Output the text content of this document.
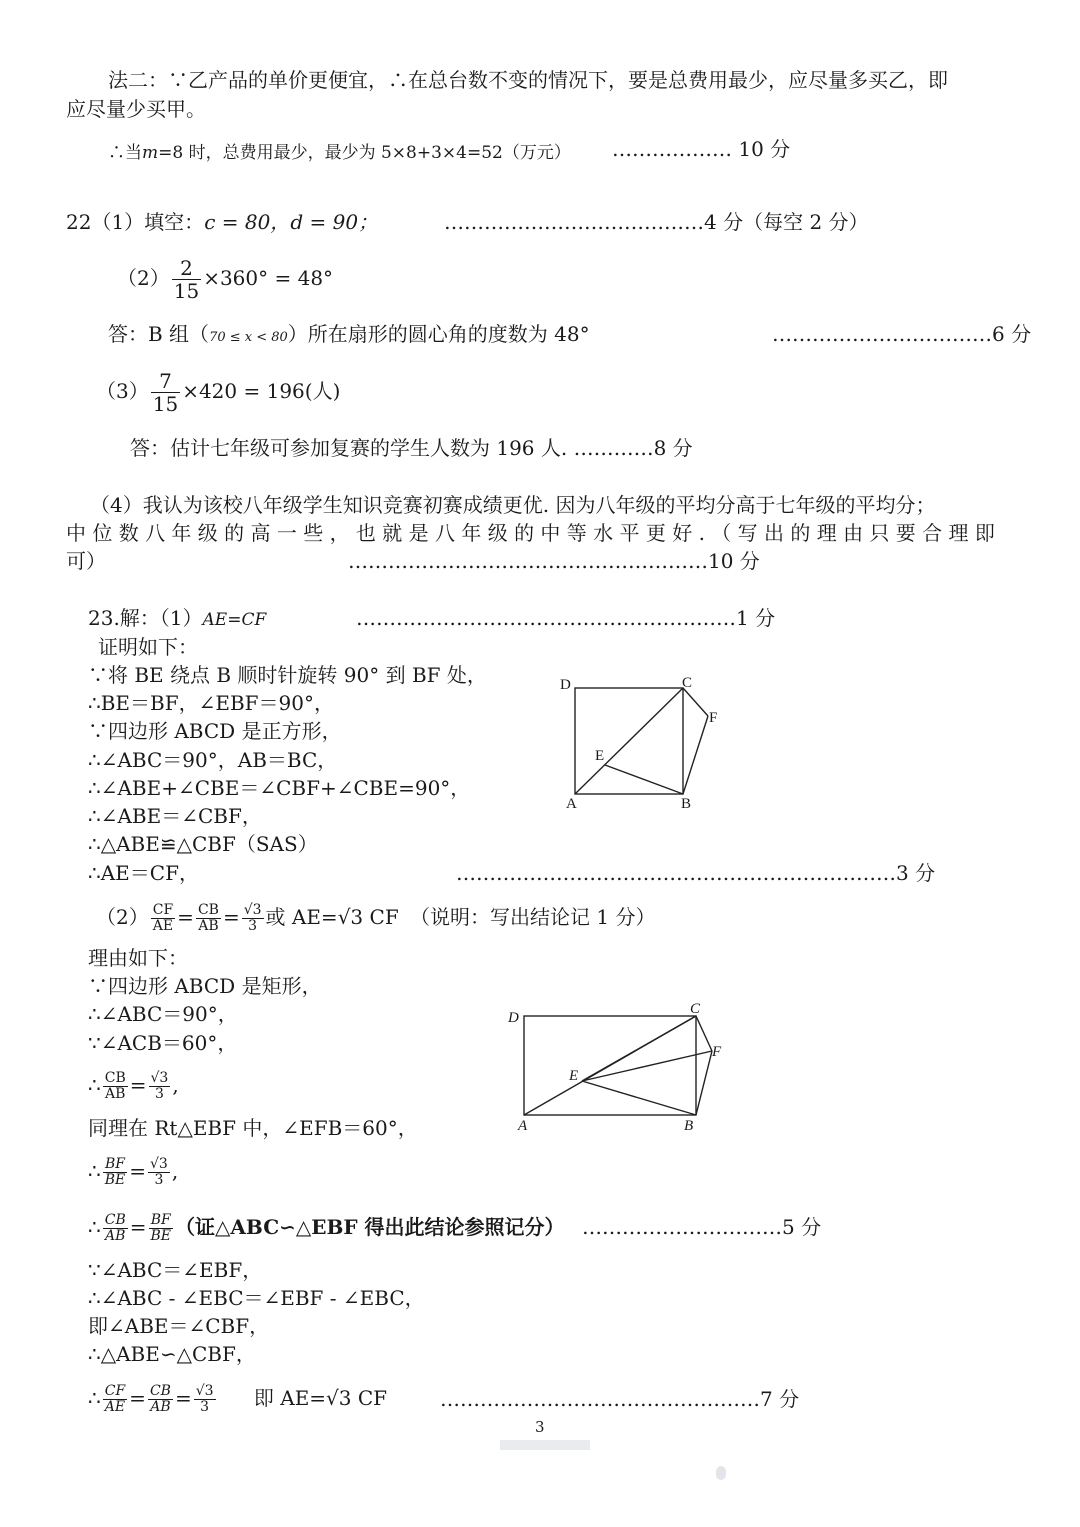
法二：∵乙产品的单价更便宜，∴在总台数不变的情况下，要是总费用最少，应尽量多买乙，即
应尽量少买甲。
∴当m=8 时，总费用最少，最少为 5×8+3×4=52（万元） ……………… 10 分
22（1）填空：c = 80，d = 90；	…………………………………4 分（每空 2 分）
$(2) \frac{2}{15} \times 360^\circ = 48^\circ$
答：B 组（70 ≤ x < 80）所在扇形的圆心角的度数为 48°	……………………………6 分
$(3) \frac{7}{15} \times 420 = 196$(人)
答：估计七年级可参加复赛的学生人数为 196 人. …………8 分
（4）我认为该校八年级学生知识竞赛初赛成绩更优. 因为八年级的平均分高于七年级的平均分；
中 位 数 八 年 级 的 高 一 些 ， 也 就 是 八 年 级 的 中 等 水 平 更 好 . （ 写 出 的 理 由 只 要 合 理 即
可）	………………………………………………10 分
23.解：（1）AE=CF	…………………………………………………1 分
证明如下：
∵将 BE 绕点 B 顺时针旋转 90° 到 BF 处，
∴BE＝BF，∠EBF＝90°，
∵四边形 ABCD 是正方形，
∴∠ABC＝90°，AB＝BC，
∴∠ABE+∠CBE＝∠CBF+∠CBE=90°，
∴∠ABE＝∠CBF，
∴△ABE≌△CBF（SAS）
∴AE＝CF，	…………………………………………………………3 分
D	C
F
E
A	B
$(2) \frac{CF}{AE} = \frac{CB}{AB} = \frac{√3}{3}$ 或 AE=√3 CF （说明：写出结论记 1 分）
理由如下：
∵四边形 ABCD 是矩形，
∴∠ABC＝90°，
∵∠ACB＝60°，
∴ $\frac{CB}{AB} = \frac{√3}{3}$ ,
同理在 Rt△EBF 中，∠EFB＝60°，
∴ $\frac{BF}{BE} = \frac{√3}{3}$ ,
∴ $\frac{CB}{AB} = \frac{BF}{BE}$ （证△ABC∽△EBF 得出此结论参照记分） …………………………5 分
∵∠ABC＝∠EBF，
∴∠ABC - ∠EBC＝∠EBF - ∠EBC，
即∠ABE＝∠CBF，
∴△ABE∽△CBF，
∴ $\frac{CF}{AE} = \frac{CB}{AB} = \frac{√3}{3}$ 即 AE=√3 CF	…………………………………………7 分
D
C
F
E
A	B
3
